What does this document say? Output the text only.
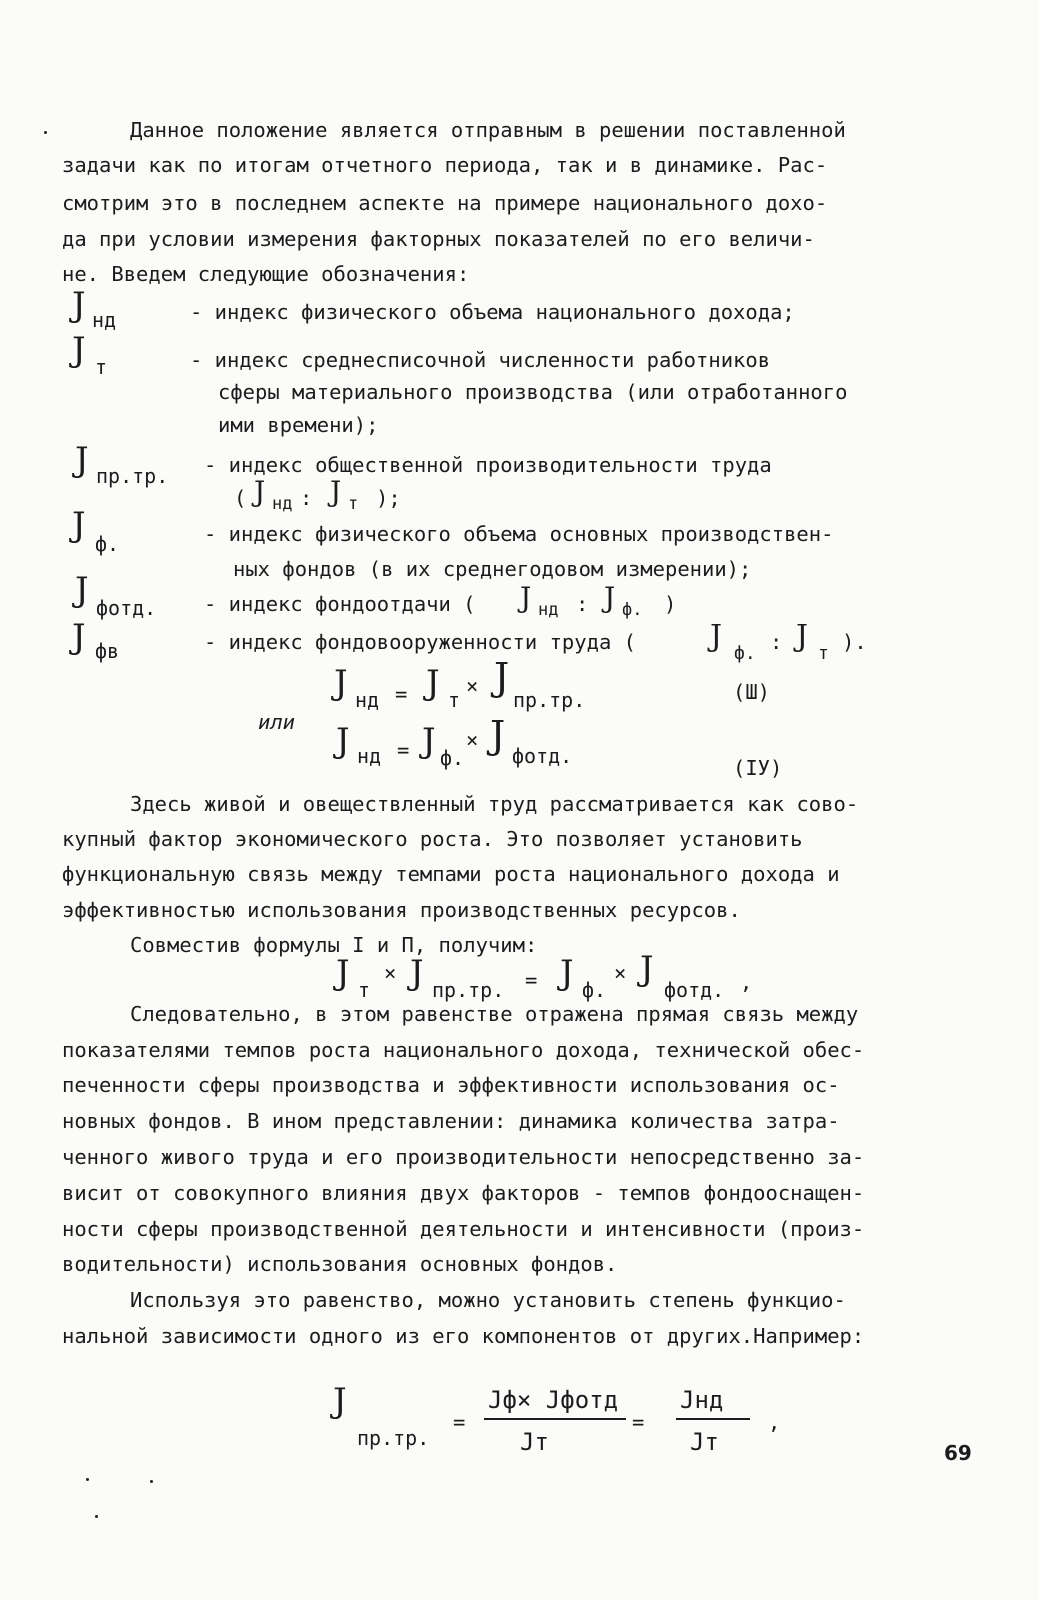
Данное положение является отправным в решении поставленной
задачи как по итогам отчетного периода, так и в динамике. Рас-
смотрим это в последнем аспекте на примере национального дохо-
да при условии измерения факторных показателей по его величи-
не. Введем следующие обозначения:
J нд	- индекс физического объема национального дохода;
J т	- индекс среднесписочной численности работников
сферы материального производства (или отработанного
ими времени);
J пр.тр. - индекс общественной производительности труда
( J нд : J т );
J ф.	- индекс физического объема основных производствен-
ных фондов (в их среднегодовом измерении);
J фотд. - индекс фондоотдачи ( J нд : J ф. )
J фв	- индекс фондовооруженности труда ( J ф. : J т ).
J нд = J т
× J
пр.тр.	(Ш)
или J нд = J ф.
× J фотд.	(IУ)
Здесь живой и овеществленный труд рассматривается как сово-
купный фактор экономического роста. Это позволяет установить
функциональную связь между темпами роста национального дохода и
эффективностью использования производственных ресурсов.
Совместив формулы I и П, получим:
J т
× J пр.тр. = J ф.
× J
фотд. ,
Следовательно, в этом равенстве отражена прямая связь между
показателями темпов роста национального дохода, технической обес-
печенности сферы производства и эффективности использования ос-
новных фондов. В ином представлении: динамика количества затра-
ченного живого труда и его производительности непосредственно за-
висит от совокупного влияния двух факторов - темпов фондооснащен-
ности сферы производственной деятельности и интенсивности (произ-
водительности) использования основных фондов.
Используя это равенство, можно установить степень функцио-
нальной зависимости одного из его компонентов от других.Например:
J
пр.тр.
=
Jф× Jфотд
Jт
=
Jнд
Jт
,
69
